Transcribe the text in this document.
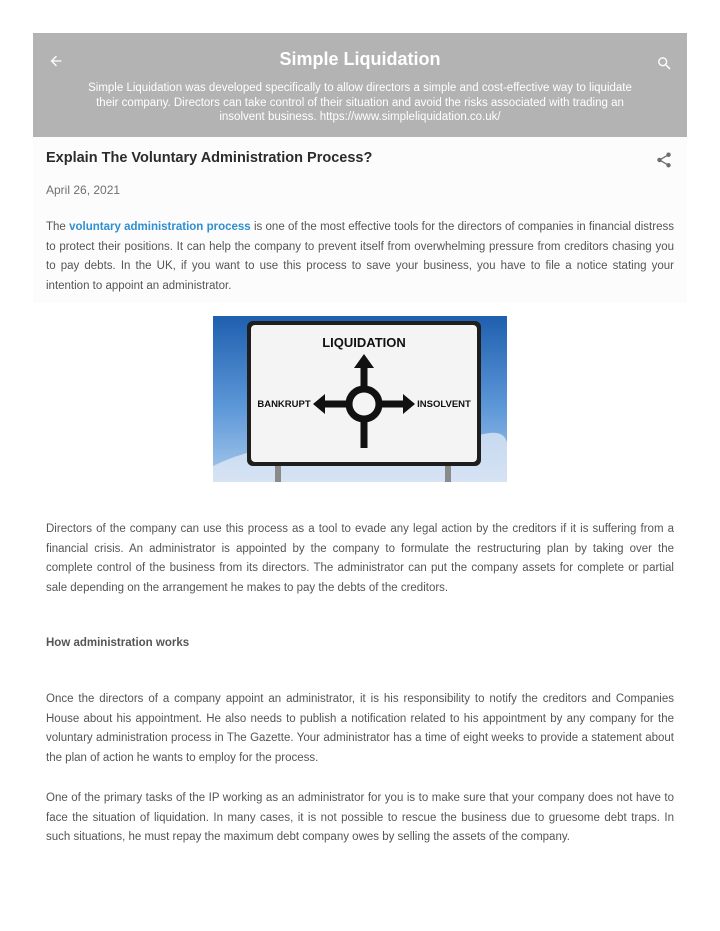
Simple Liquidation
Simple Liquidation was developed specifically to allow directors a simple and cost-effective way to liquidate their company. Directors can take control of their situation and avoid the risks associated with trading an insolvent business. https://www.simpleliquidation.co.uk/
Explain The Voluntary Administration Process?
April 26, 2021

The voluntary administration process is one of the most effective tools for the directors of companies in financial distress to protect their positions. It can help the company to prevent itself from overwhelming pressure from creditors chasing you to pay debts. In the UK, if you want to use this process to save your business, you have to file a notice stating your intention to appoint an administrator.

LIQUIDATION
BANKRUPT	INSOLVENT

Directors of the company can use this process as a tool to evade any legal action by the creditors if it is suffering from a financial crisis. An administrator is appointed by the company to formulate the restructuring plan by taking over the complete control of the business from its directors. The administrator can put the company assets for complete or partial sale depending on the arrangement he makes to pay the debts of the creditors.

How administration works

Once the directors of a company appoint an administrator, it is his responsibility to notify the creditors and Companies House about his appointment. He also needs to publish a notification related to his appointment by any company for the voluntary administration process in The Gazette. Your administrator has a time of eight weeks to provide a statement about the plan of action he wants to employ for the process.

One of the primary tasks of the IP working as an administrator for you is to make sure that your company does not have to face the situation of liquidation. In many cases, it is not possible to rescue the business due to gruesome debt traps. In such situations, he must repay the maximum debt company owes by selling the assets of the company.
